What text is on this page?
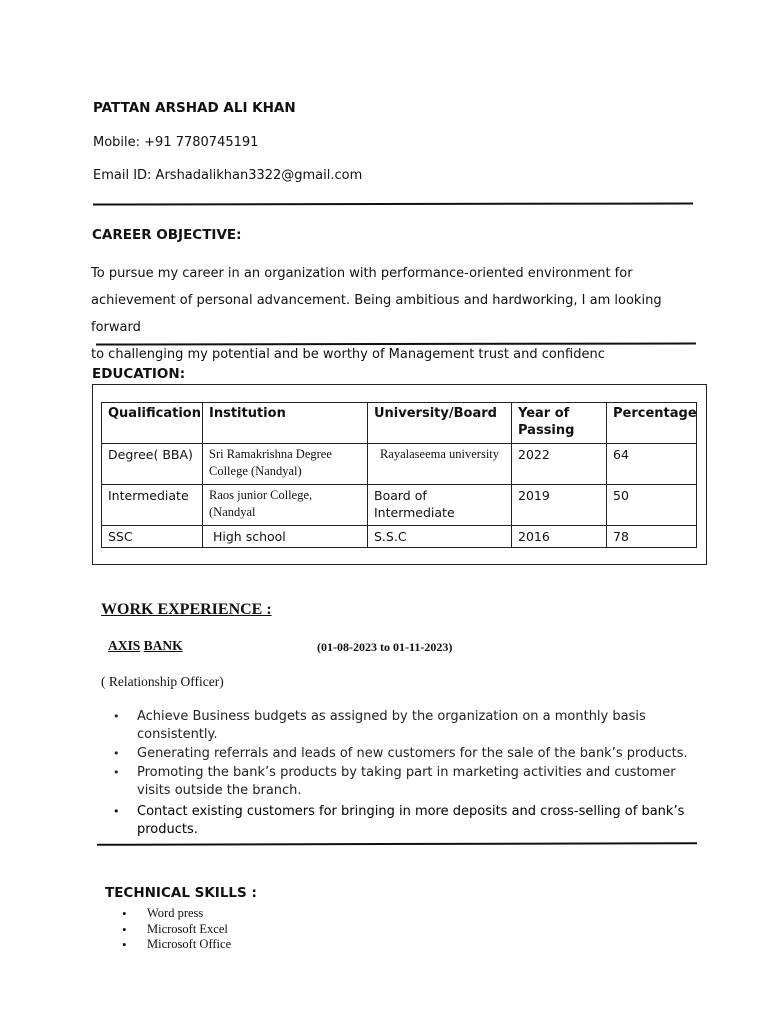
PATTAN ARSHAD ALI KHAN
Mobile: +91 7780745191
Email ID: Arshadalikhan3322@gmail.com
CAREER OBJECTIVE:
To pursue my career in an organization with performance-oriented environment for
achievement of personal advancement. Being ambitious and hardworking, I am looking forward
to challenging my potential and be worthy of Management trust and confidenc
EDUCATION:
Qualification	Institution	University/Board	Year of Passing	Percentage
Degree( BBA)	Sri Ramakrishna Degree College (Nandyal)	Rayalaseema university	2022	64
Intermediate	Raos junior College, (Nandyal	Board of Intermediate	2019	50
SSC	High school	S.S.C	2016	78
WORK EXPERIENCE :
AXIS BANK	(01-08-2023 to 01-11-2023)
( Relationship Officer)
• Achieve Business budgets as assigned by the organization on a monthly basis consistently.
• Generating referrals and leads of new customers for the sale of the bank’s products.
• Promoting the bank’s products by taking part in marketing activities and customer visits outside the branch.
• Contact existing customers for bringing in more deposits and cross-selling of bank’s products.
TECHNICAL SKILLS :
• Word press
• Microsoft Excel
• Microsoft Office
